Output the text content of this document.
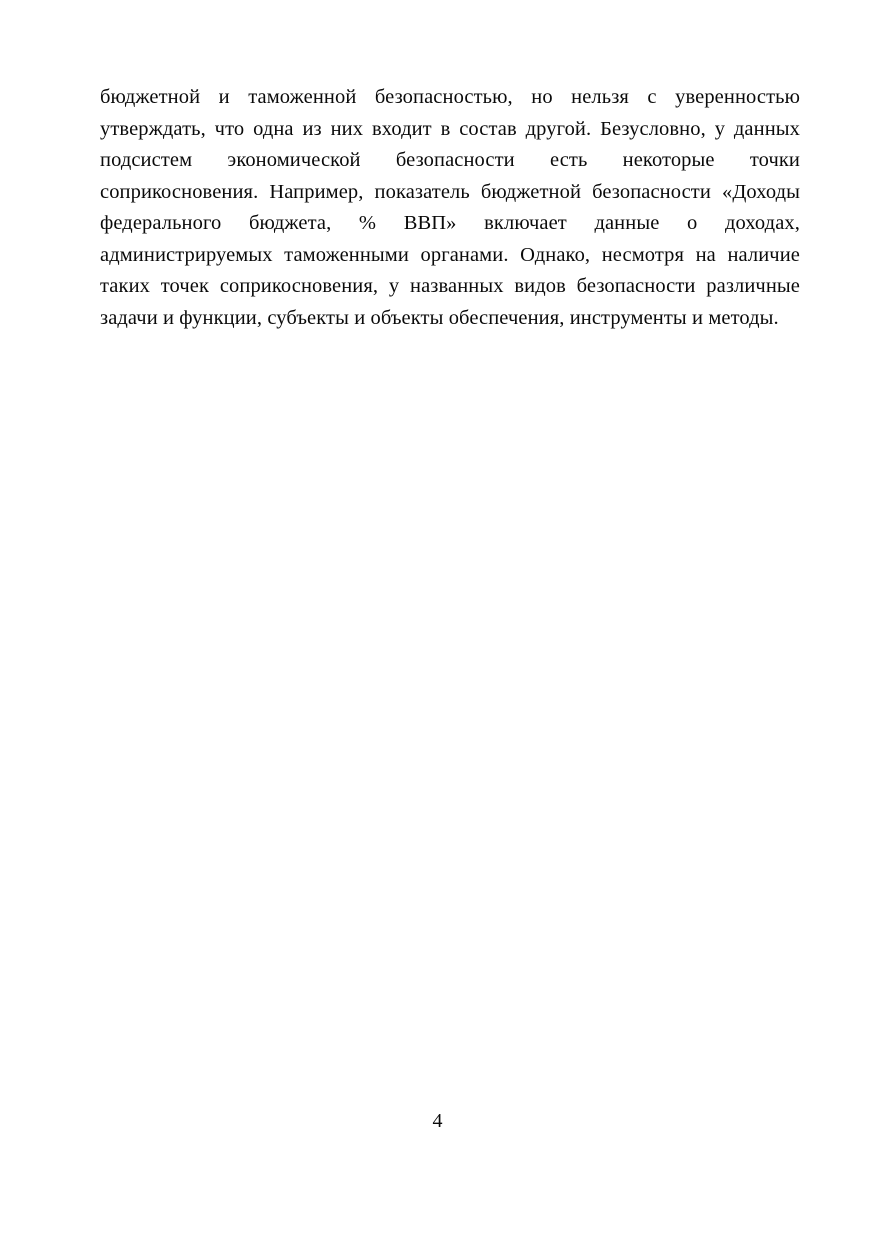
бюджетной и таможенной безопасностью, но нельзя с уверенностью утверждать, что одна из них входит в состав другой. Безусловно, у данных подсистем экономической безопасности есть некоторые точки соприкосновения. Например, показатель бюджетной безопасности «Доходы федерального бюджета, % ВВП» включает данные о доходах, администрируемых таможенными органами. Однако, несмотря на наличие таких точек соприкосновения, у названных видов безопасности различные задачи и функции, субъекты и объекты обеспечения, инструменты и методы.

4
